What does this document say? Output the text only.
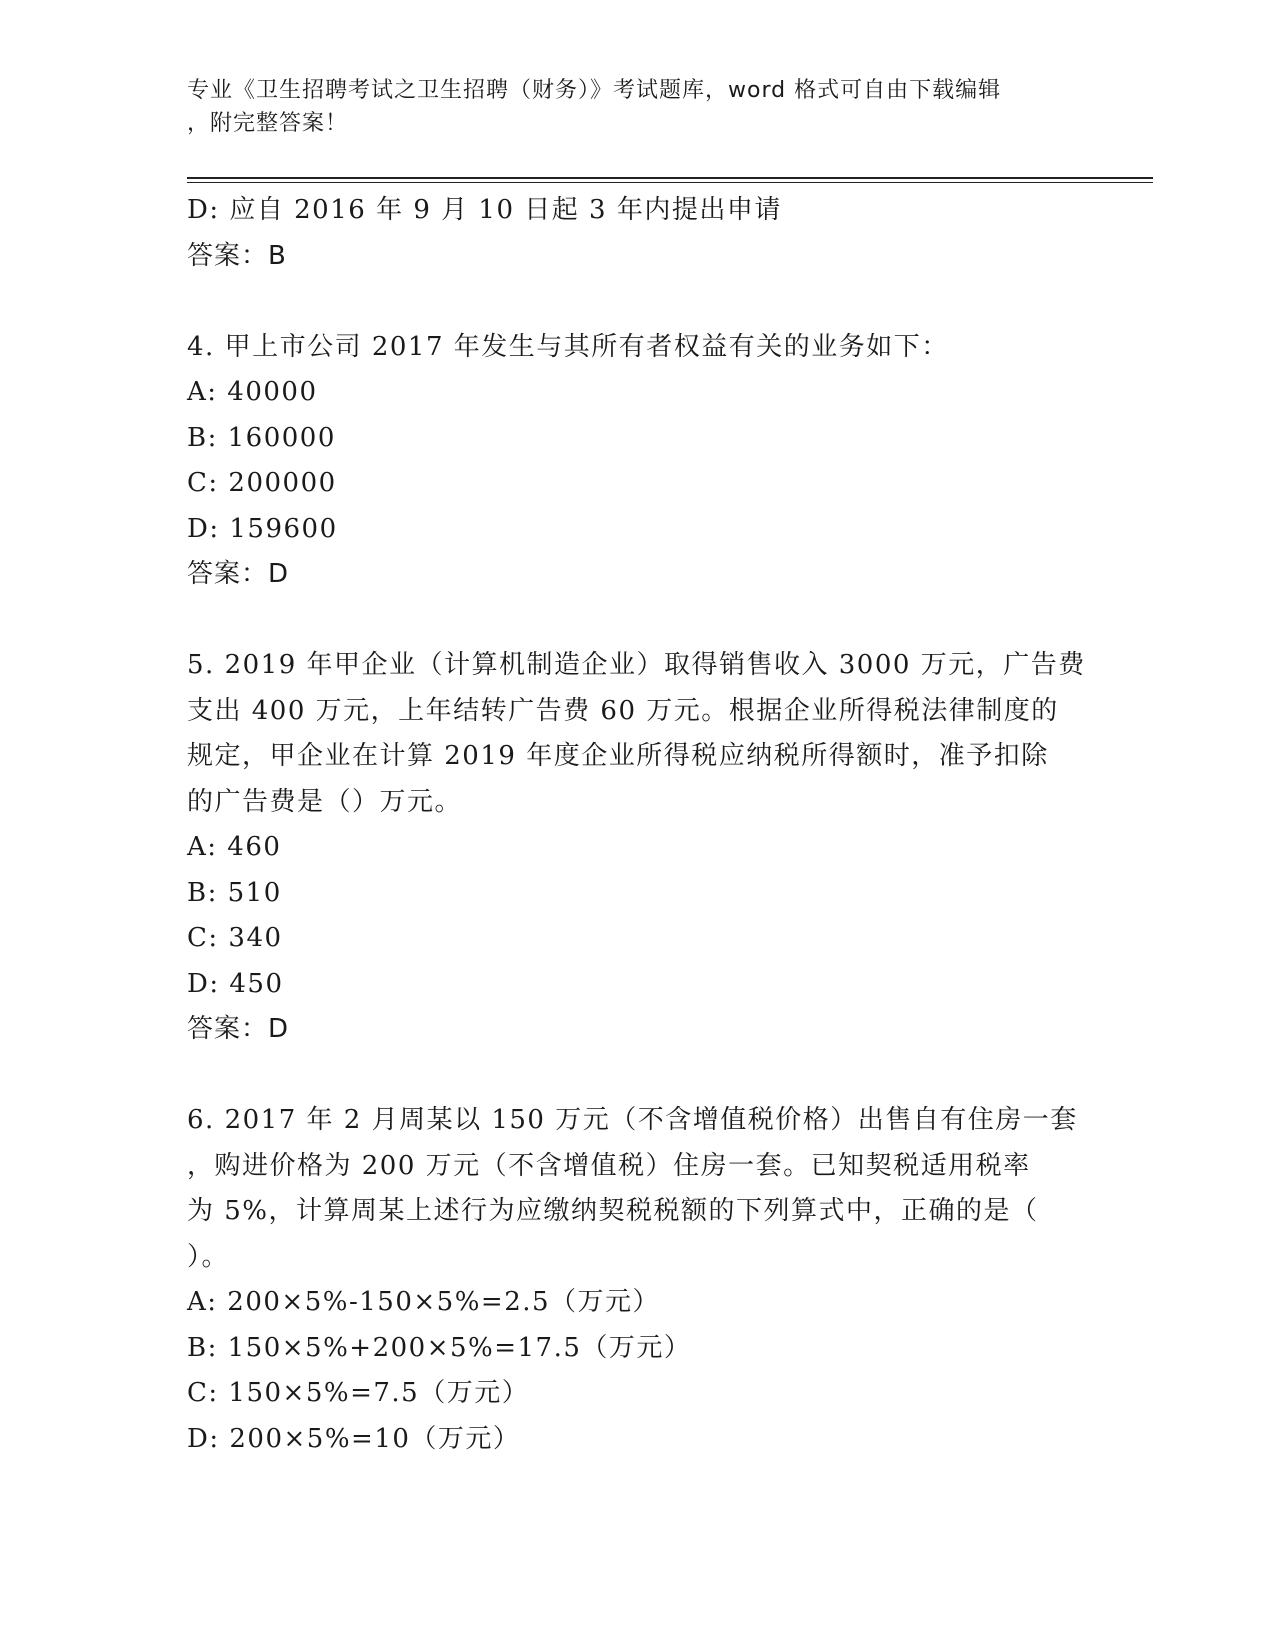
专业《卫生招聘考试之卫生招聘（财务）》考试题库，word 格式可自由下载编辑
，附完整答案！
D: 应自 2016 年 9 月 10 日起 3 年内提出申请
答案：B
4. 甲上市公司 2017 年发生与其所有者权益有关的业务如下：
A: 40000
B: 160000
C: 200000
D: 159600
答案：D
5. 2019 年甲企业（计算机制造企业）取得销售收入 3000 万元，广告费
支出 400 万元，上年结转广告费 60 万元。根据企业所得税法律制度的
规定，甲企业在计算 2019 年度企业所得税应纳税所得额时，准予扣除
的广告费是（）万元。
A: 460
B: 510
C: 340
D: 450
答案：D
6. 2017 年 2 月周某以 150 万元（不含增值税价格）出售自有住房一套
，购进价格为 200 万元（不含增值税）住房一套。已知契税适用税率
为 5%，计算周某上述行为应缴纳契税税额的下列算式中，正确的是（
）。
A: 200×5%-150×5%=2.5（万元）
B: 150×5%+200×5%=17.5（万元）
C: 150×5%=7.5（万元）
D: 200×5%=10（万元）
